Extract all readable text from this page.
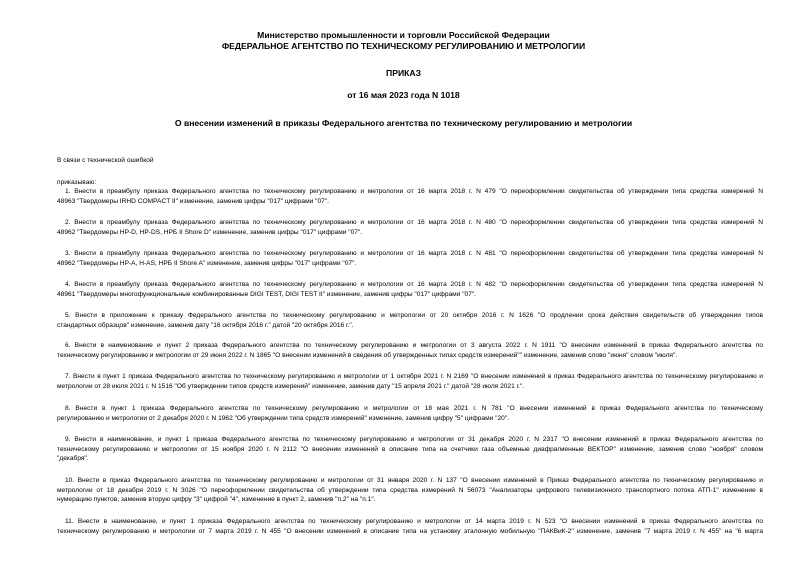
Министерство промышленности и торговли Российской Федерации
ФЕДЕРАЛЬНОЕ АГЕНТСТВО ПО ТЕХНИЧЕСКОМУ РЕГУЛИРОВАНИЮ И МЕТРОЛОГИИ
ПРИКАЗ
от 16 мая 2023 года N 1018
О внесении изменений в приказы Федерального агентства по техническому регулированию и метрологии
В связи с технической ошибкой
приказываю:
1. Внести в преамбулу приказа Федерального агентства по техническому регулированию и метрологии от 16 марта 2018 г. N 479 "О переоформлении свидетельства об утверждении типа средства измерений N
48963 "Твердомеры IRHD COMPACT II" изменение, заменив цифры "017" цифрами "07".
2. Внести в преамбулу приказа Федерального агентства по техническому регулированию и метрологии от 16 марта 2018 г. N 480 "О переоформлении свидетельства об утверждении типа средства измерений N
48962 "Твердомеры HP-D, HP-DS, HPБ II Shore D" изменение, заменив цифры "017" цифрами "07".
3. Внести в преамбулу приказа Федерального агентства по техническому регулированию и метрологии от 16 марта 2018 г. N 481 "О переоформлении свидетельства об утверждении типа средства измерений N
48962 "Твердомеры HP-A, H-AS, HPБ II Shore A" изменение, заменив цифры "017" цифрами "07".
4. Внести в преамбулу приказа Федерального агентства по техническому регулированию и метрологии от 16 марта 2018 г. N 482 "О переоформлении свидетельства об утверждении типа средства измерений N
48961 "Твердомеры многофункциональные комбинированные DIGI TEST, DIGI TEST II" изменение, заменив цифры "017" цифрами "07".
5. Внести в приложение к приказу Федерального агентства по техническому регулированию и метрологии от 20 октября 2016 г. N 1626 "О продлении срока действия свидетельств об утверждении типов
стандартных образцов" изменение, заменив дату "16 октября 2016 г." датой "20 октября 2016 г.".
6. Внести в наименование и пункт 2 приказа Федерального агентства по техническому регулированию и метрологии от 3 августа 2022 г. N 1911 "О внесении изменений в приказ Федерального агентства по
техническому регулированию и метрологии от 29 июня 2022 г. N 1865 "О внесении изменений в сведения об утвержденных типах средств измерений"" изменение, заменив слово "июня" словом "июля".
7. Внести в пункт 1 приказа Федерального агентства по техническому регулированию и метрологии от 1 октября 2021 г. N 2169 "О внесении изменений в приказ Федерального агентства по техническому регулированию и
метрологии от 28 июля 2021 г. N 1516 "Об утверждении типов средств измерений" изменение, заменив дату "15 апреля 2021 г." датой "28 июля 2021 г.".
8. Внести в пункт 1 приказа Федерального агентства по техническому регулированию и метрологии от 18 мая 2021 г. N 781 "О внесении изменений в приказ Федерального агентства по техническому
регулированию и метрологии от 2 декабря 2020 г. N 1962 "Об утверждении типа средств измерений" изменение, заменив цифру "5" цифрами "20".
9. Внести в наименование, и пункт 1 приказа Федерального агентства по техническому регулированию и метрологии от 31 декабря 2020 г. N 2317 "О внесении изменений в приказ Федерального агентства по
техническому регулированию и метрологии от 15 ноября 2020 г. N 2112 "О внесении изменений в описание типа на счетчики газа объемные диафрагменные ВЕКТОР" изменение, заменив слово "ноября" словом
"декабря".
10. Внести в приказ Федерального агентства по техническому регулированию и метрологии от 31 января 2020 г. N 137 "О внесении изменений в Приказ Федерального агентства по техническому регулированию и
метрологии от 18 декабря 2019 г. N 3026 "О переоформлении свидетельства об утверждении типа средства измерений N 56073 "Анализаторы цифрового телевизионного транспортного потока АТП-1" изменение в
нумерацию пунктов, заменив вторую цифру "3" цифрой "4", изменение в пункт 2, заменив "п.2" на "п.1".
11. Внести в наименование, и пункт 1 приказа Федерального агентства по техническому регулированию и метрологии от 14 марта 2019 г. N 523 "О внесении изменений в приказ Федерального агентства по
техническому регулированию и метрологии от 7 марта 2019 г. N 455 "О внесении изменений в описание типа на установку эталонную мобильную "ПАКВиК-2" изменение, заменив "7 марта 2019 г. N 455" на "6 марта
